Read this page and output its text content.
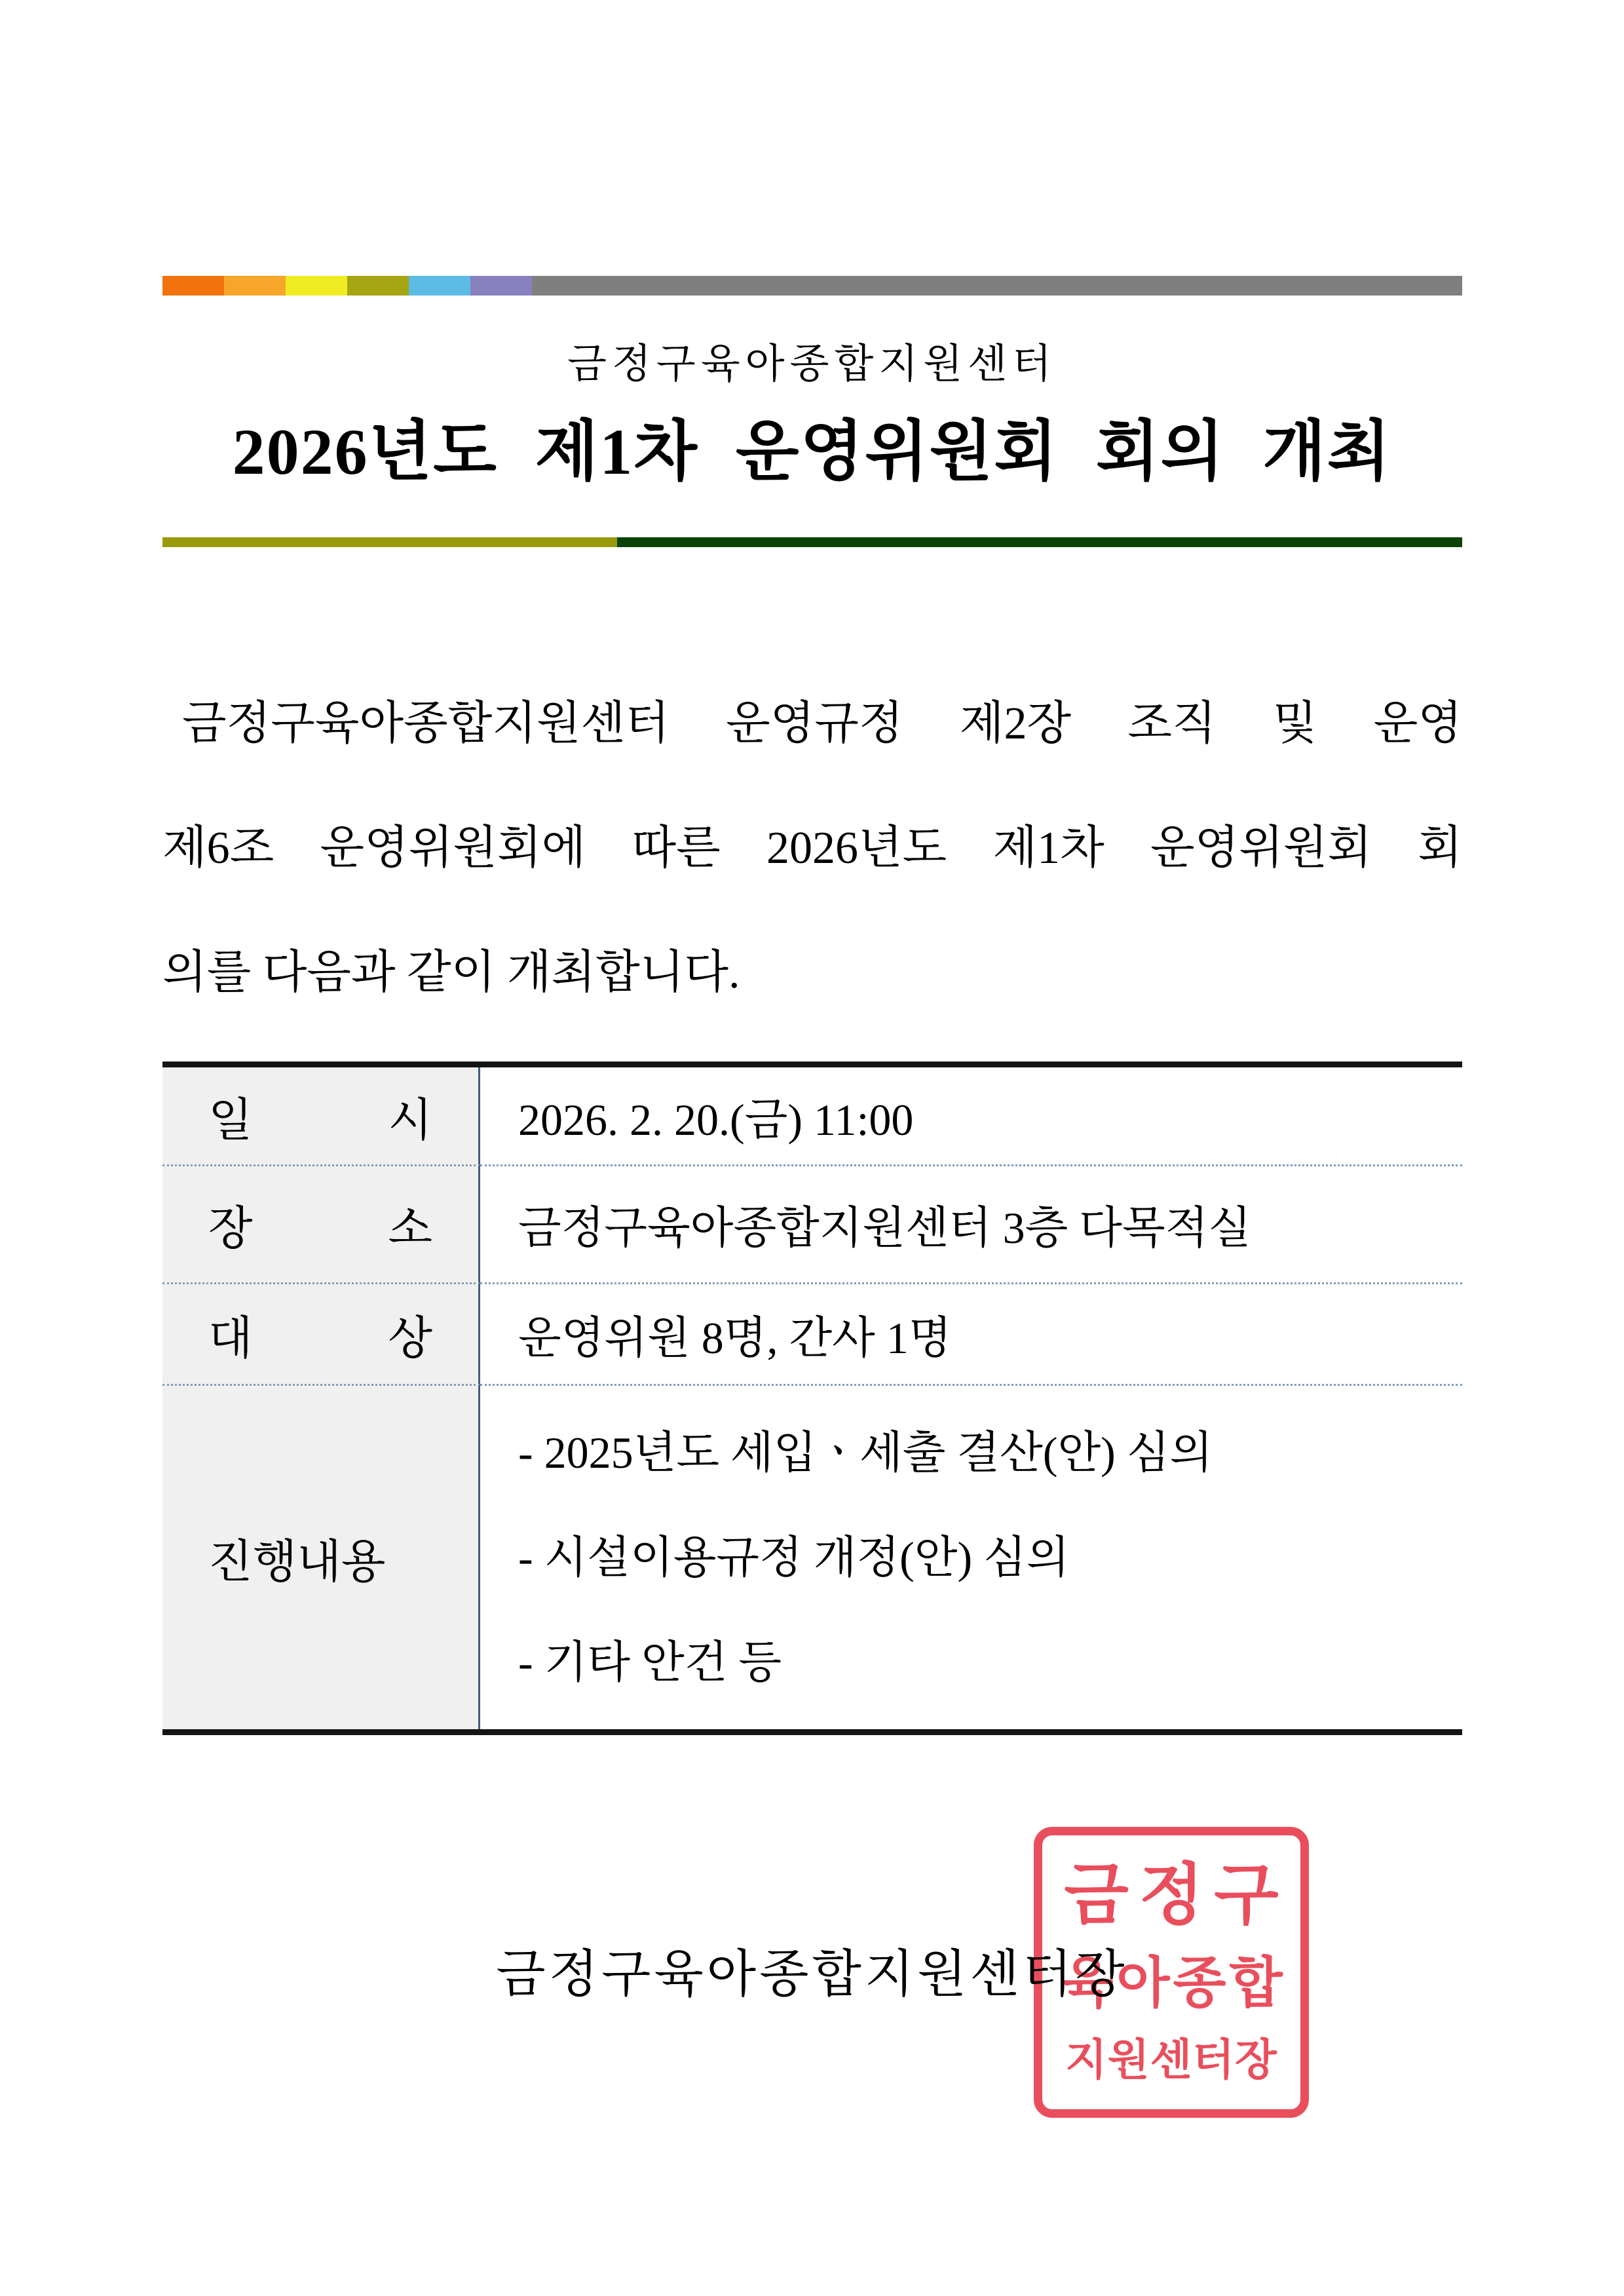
금정구육아종합지원센터
2026년도 제1차 운영위원회 회의 개최
금정구육아종합지원센터 운영규정 제2장 조직 및 운영
제6조 운영위원회에 따른 2026년도 제1차 운영위원회 회
의를 다음과 같이 개최합니다.
일 시	2026. 2. 20.(금) 11:00
장 소	금정구육아종합지원센터 3층 다목적실
대 상	운영위원 8명, 간사 1명
진행내용
- 2025년도 세입ㆍ세출 결산(안) 심의
- 시설이용규정 개정(안) 심의
- 기타 안건 등
금정구육아종합지원센터장
금정구
육아종합
지원센터장
